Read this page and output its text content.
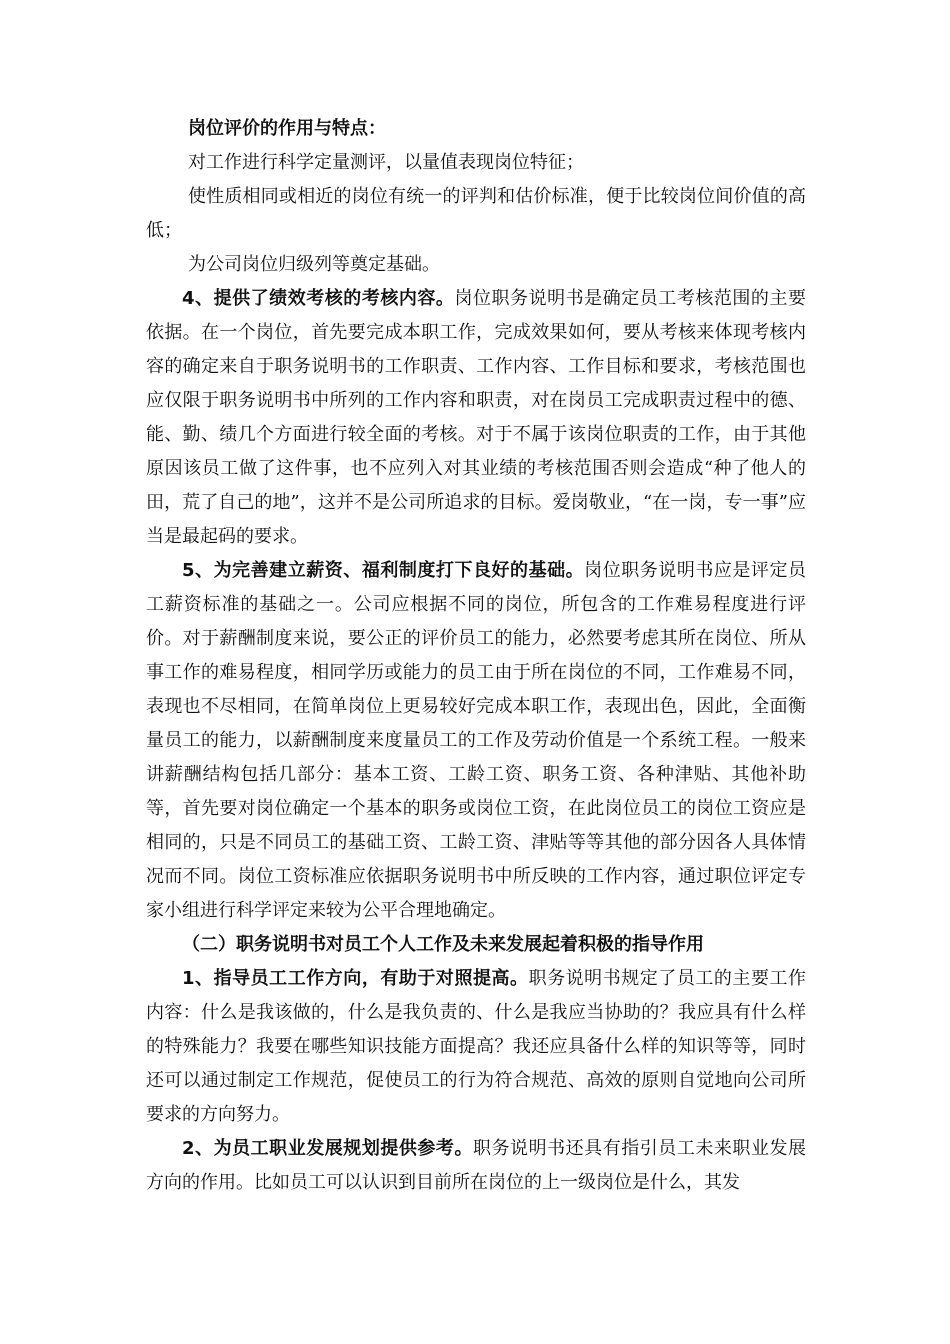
岗位评价的作用与特点：

对工作进行科学定量测评，以量值表现岗位特征；

使性质相同或相近的岗位有统一的评判和估价标准，便于比较岗位间价值的高低；

为公司岗位归级列等奠定基础。

4、提供了绩效考核的考核内容。岗位职务说明书是确定员工考核范围的主要依据。在一个岗位，首先要完成本职工作，完成效果如何，要从考核来体现考核内容的确定来自于职务说明书的工作职责、工作内容、工作目标和要求，考核范围也应仅限于职务说明书中所列的工作内容和职责，对在岗员工完成职责过程中的德、能、勤、绩几个方面进行较全面的考核。对于不属于该岗位职责的工作，由于其他原因该员工做了这件事，也不应列入对其业绩的考核范围否则会造成“种了他人的田，荒了自己的地”，这并不是公司所追求的目标。爱岗敬业，“在一岗，专一事”应当是最起码的要求。

5、为完善建立薪资、福利制度打下良好的基础。岗位职务说明书应是评定员工薪资标准的基础之一。公司应根据不同的岗位，所包含的工作难易程度进行评价。对于薪酬制度来说，要公正的评价员工的能力，必然要考虑其所在岗位、所从事工作的难易程度，相同学历或能力的员工由于所在岗位的不同，工作难易不同，表现也不尽相同，在简单岗位上更易较好完成本职工作，表现出色，因此，全面衡量员工的能力，以薪酬制度来度量员工的工作及劳动价值是一个系统工程。一般来讲薪酬结构包括几部分：基本工资、工龄工资、职务工资、各种津贴、其他补助等，首先要对岗位确定一个基本的职务或岗位工资，在此岗位员工的岗位工资应是相同的，只是不同员工的基础工资、工龄工资、津贴等等其他的部分因各人具体情况而不同。岗位工资标准应依据职务说明书中所反映的工作内容，通过职位评定专家小组进行科学评定来较为公平合理地确定。

（二）职务说明书对员工个人工作及未来发展起着积极的指导作用

1、指导员工工作方向，有助于对照提高。职务说明书规定了员工的主要工作内容：什么是我该做的，什么是我负责的、什么是我应当协助的？我应具有什么样的特殊能力？我要在哪些知识技能方面提高？我还应具备什么样的知识等等，同时还可以通过制定工作规范，促使员工的行为符合规范、高效的原则自觉地向公司所要求的方向努力。

2、为员工职业发展规划提供参考。职务说明书还具有指引员工未来职业发展方向的作用。比如员工可以认识到目前所在岗位的上一级岗位是什么，其发
